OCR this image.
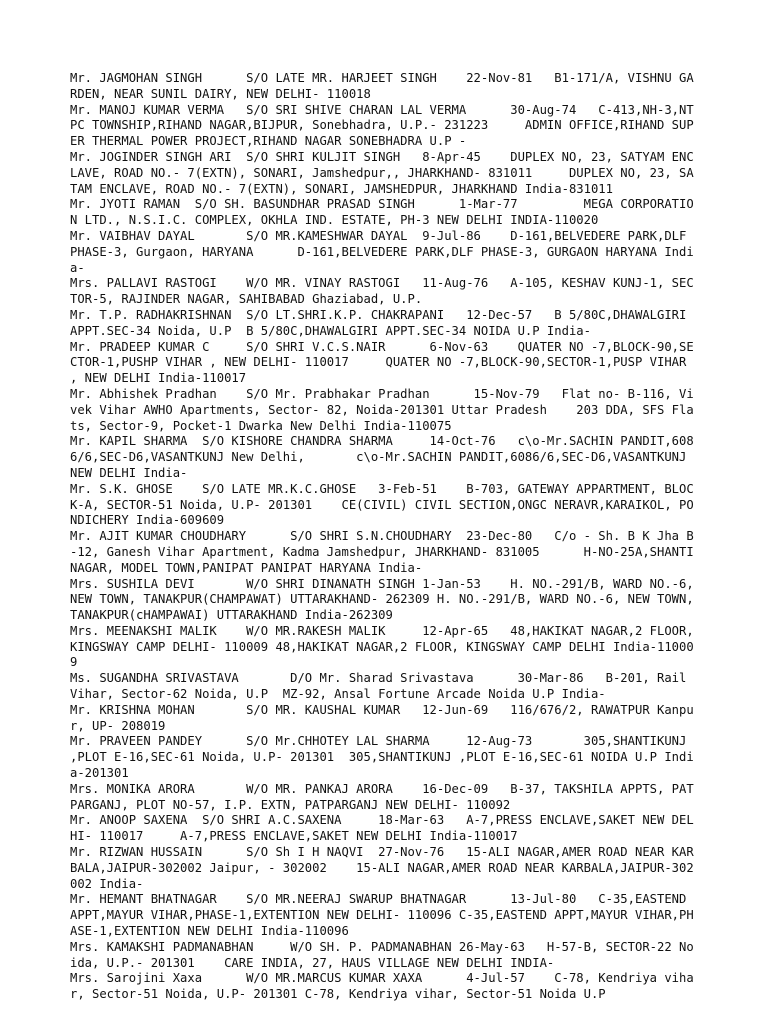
Mr. JAGMOHAN SINGH      S/O LATE MR. HARJEET SINGH    22-Nov-81   B1-171/A, VISHNU GARDEN, NEAR SUNIL DAIRY, NEW DELHI- 110018

Mr. MANOJ KUMAR VERMA   S/O SRI SHIVE CHARAN LAL VERMA      30-Aug-74   C-413,NH-3,NTPC TOWNSHIP,RIHAND NAGAR,BIJPUR, Sonebhadra, U.P.- 231223     ADMIN OFFICE,RIHAND SUPER THERMAL POWER PROJECT,RIHAND NAGAR SONEBHADRA U.P -

Mr. JOGINDER SINGH ARI  S/O SHRI KULJIT SINGH   8-Apr-45    DUPLEX NO, 23, SATYAM ENCLAVE, ROAD NO.- 7(EXTN), SONARI, Jamshedpur,, JHARKHAND- 831011     DUPLEX NO, 23, SATAM ENCLAVE, ROAD NO.- 7(EXTN), SONARI, JAMSHEDPUR, JHARKHAND India-831011

Mr. JYOTI RAMAN  S/O SH. BASUNDHAR PRASAD SINGH      1-Mar-77         MEGA CORPORATION LTD., N.S.I.C. COMPLEX, OKHLA IND. ESTATE, PH-3 NEW DELHI INDIA-110020

Mr. VAIBHAV DAYAL       S/O MR.KAMESHWAR DAYAL  9-Jul-86    D-161,BELVEDERE PARK,DLF PHASE-3, Gurgaon, HARYANA      D-161,BELVEDERE PARK,DLF PHASE-3, GURGAON HARYANA India-

Mrs. PALLAVI RASTOGI    W/O MR. VINAY RASTOGI   11-Aug-76   A-105, KESHAV KUNJ-1, SECTOR-5, RAJINDER NAGAR, SAHIBABAD Ghaziabad, U.P.

Mr. T.P. RADHAKRISHNAN  S/O LT.SHRI.K.P. CHAKRAPANI   12-Dec-57   B 5/80C,DHAWALGIRI APPT.SEC-34 Noida, U.P  B 5/80C,DHAWALGIRI APPT.SEC-34 NOIDA U.P India-

Mr. PRADEEP KUMAR C     S/O SHRI V.C.S.NAIR      6-Nov-63    QUATER NO -7,BLOCK-90,SECTOR-1,PUSHP VIHAR , NEW DELHI- 110017     QUATER NO -7,BLOCK-90,SECTOR-1,PUSP VIHAR , NEW DELHI India-110017

Mr. Abhishek Pradhan    S/O Mr. Prabhakar Pradhan      15-Nov-79   Flat no- B-116, Vivek Vihar AWHO Apartments, Sector- 82, Noida-201301 Uttar Pradesh    203 DDA, SFS Flats, Sector-9, Pocket-1 Dwarka New Delhi India-110075

Mr. KAPIL SHARMA  S/O KISHORE CHANDRA SHARMA     14-Oct-76   c\o-Mr.SACHIN PANDIT,6086/6,SEC-D6,VASANTKUNJ New Delhi,       c\o-Mr.SACHIN PANDIT,6086/6,SEC-D6,VASANTKUNJ NEW DELHI India-

Mr. S.K. GHOSE    S/O LATE MR.K.C.GHOSE   3-Feb-51    B-703, GATEWAY APPARTMENT, BLOCK-A, SECTOR-51 Noida, U.P- 201301    CE(CIVIL) CIVIL SECTION,ONGC NERAVR,KARAIKOL, PONDICHERY India-609609

Mr. AJIT KUMAR CHOUDHARY      S/O SHRI S.N.CHOUDHARY  23-Dec-80   C/o - Sh. B K Jha B-12, Ganesh Vihar Apartment, Kadma Jamshedpur, JHARKHAND- 831005      H-NO-25A,SHANTI NAGAR, MODEL TOWN,PANIPAT PANIPAT HARYANA India-

Mrs. SUSHILA DEVI       W/O SHRI DINANATH SINGH 1-Jan-53    H. NO.-291/B, WARD NO.-6, NEW TOWN, TANAKPUR(CHAMPAWAT) UTTARAKHAND- 262309 H. NO.-291/B, WARD NO.-6, NEW TOWN, TANAKPUR(cHAMPAWAI) UTTARAKHAND India-262309

Mrs. MEENAKSHI MALIK    W/O MR.RAKESH MALIK     12-Apr-65   48,HAKIKAT NAGAR,2 FLOOR, KINGSWAY CAMP DELHI- 110009 48,HAKIKAT NAGAR,2 FLOOR, KINGSWAY CAMP DELHI India-110009

Ms. SUGANDHA SRIVASTAVA       D/O Mr. Sharad Srivastava      30-Mar-86   B-201, Rail Vihar, Sector-62 Noida, U.P  MZ-92, Ansal Fortune Arcade Noida U.P India-

Mr. KRISHNA MOHAN       S/O MR. KAUSHAL KUMAR   12-Jun-69   116/676/2, RAWATPUR Kanpur, UP- 208019

Mr. PRAVEEN PANDEY      S/O Mr.CHHOTEY LAL SHARMA     12-Aug-73       305,SHANTIKUNJ ,PLOT E-16,SEC-61 Noida, U.P- 201301  305,SHANTIKUNJ ,PLOT E-16,SEC-61 NOIDA U.P India-201301

Mrs. MONIKA ARORA       W/O MR. PANKAJ ARORA    16-Dec-09   B-37, TAKSHILA APPTS, PATPARGANJ, PLOT NO-57, I.P. EXTN, PATPARGANJ NEW DELHI- 110092

Mr. ANOOP SAXENA  S/O SHRI A.C.SAXENA     18-Mar-63   A-7,PRESS ENCLAVE,SAKET NEW DELHI- 110017     A-7,PRESS ENCLAVE,SAKET NEW DELHI India-110017

Mr. RIZWAN HUSSAIN      S/O Sh I H NAQVI  27-Nov-76   15-ALI NAGAR,AMER ROAD NEAR KARBALA,JAIPUR-302002 Jaipur, - 302002    15-ALI NAGAR,AMER ROAD NEAR KARBALA,JAIPUR-302002 India-

Mr. HEMANT BHATNAGAR    S/O MR.NEERAJ SWARUP BHATNAGAR      13-Jul-80   C-35,EASTEND APPT,MAYUR VIHAR,PHASE-1,EXTENTION NEW DELHI- 110096 C-35,EASTEND APPT,MAYUR VIHAR,PHASE-1,EXTENTION NEW DELHI India-110096

Mrs. KAMAKSHI PADMANABHAN     W/O SH. P. PADMANABHAN 26-May-63   H-57-B, SECTOR-22 Noida, U.P.- 201301    CARE INDIA, 27, HAUS VILLAGE NEW DELHI INDIA-

Mrs. Sarojini Xaxa      W/O MR.MARCUS KUMAR XAXA      4-Jul-57    C-78, Kendriya vihar, Sector-51 Noida, U.P- 201301 C-78, Kendriya vihar, Sector-51 Noida U.P
